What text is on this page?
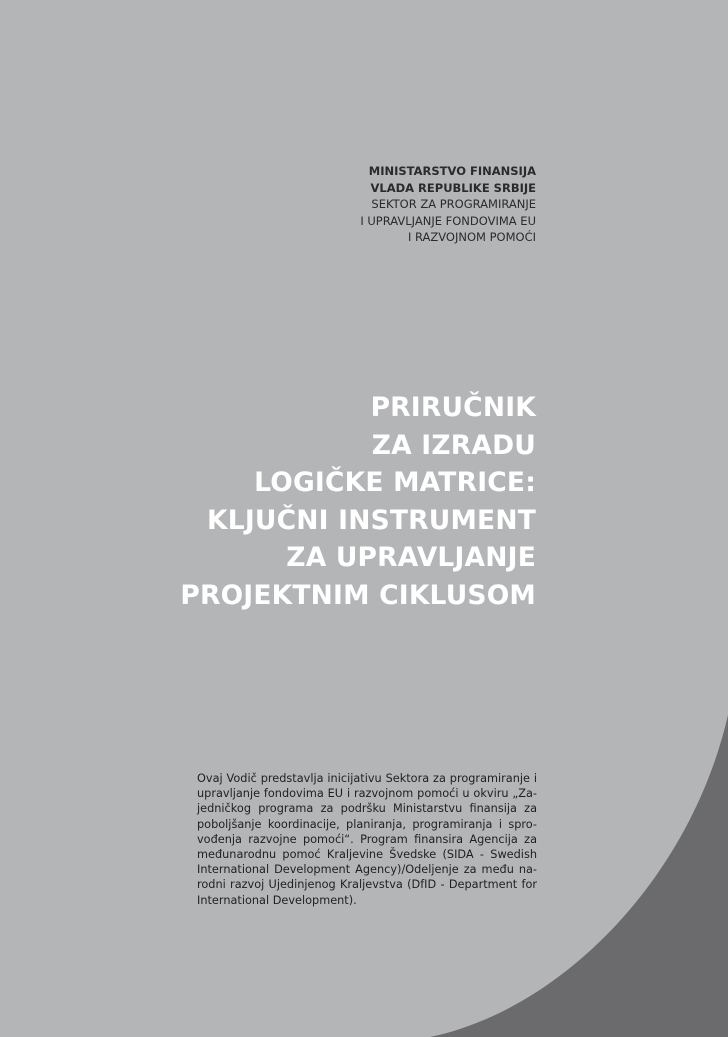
MINISTARSTVO FINANSIJA
VLADA REPUBLIKE SRBIJE
SEKTOR ZA PROGRAMIRANJE
I UPRAVLJANJE FONDOVIMA EU
I RAZVOJNOM POMOĆI
PRIRUČNIK
ZA IZRADU
LOGIČKE MATRICE:
KLJUČNI INSTRUMENT
ZA UPRAVLJANJE
PROJEKTNIM CIKLUSOM
Ovaj Vodič predstavlja inicijativu Sektora za programiranje i
upravljanje fondovima EU i razvojnom pomoći u okviru „Za-
jedničkog programa za podršku Ministarstvu finansija za
poboljšanje koordinacije, planiranja, programiranja i spro-
vođenja razvojne pomoći“. Program finansira Agencija za
međunarodnu pomoć Kraljevine Švedske (SIDA - Swedish
International Development Agency)/Odeljenje za među na-
rodni razvoj Ujedinjenog Kraljevstva (DfID - Department for
International Development).
